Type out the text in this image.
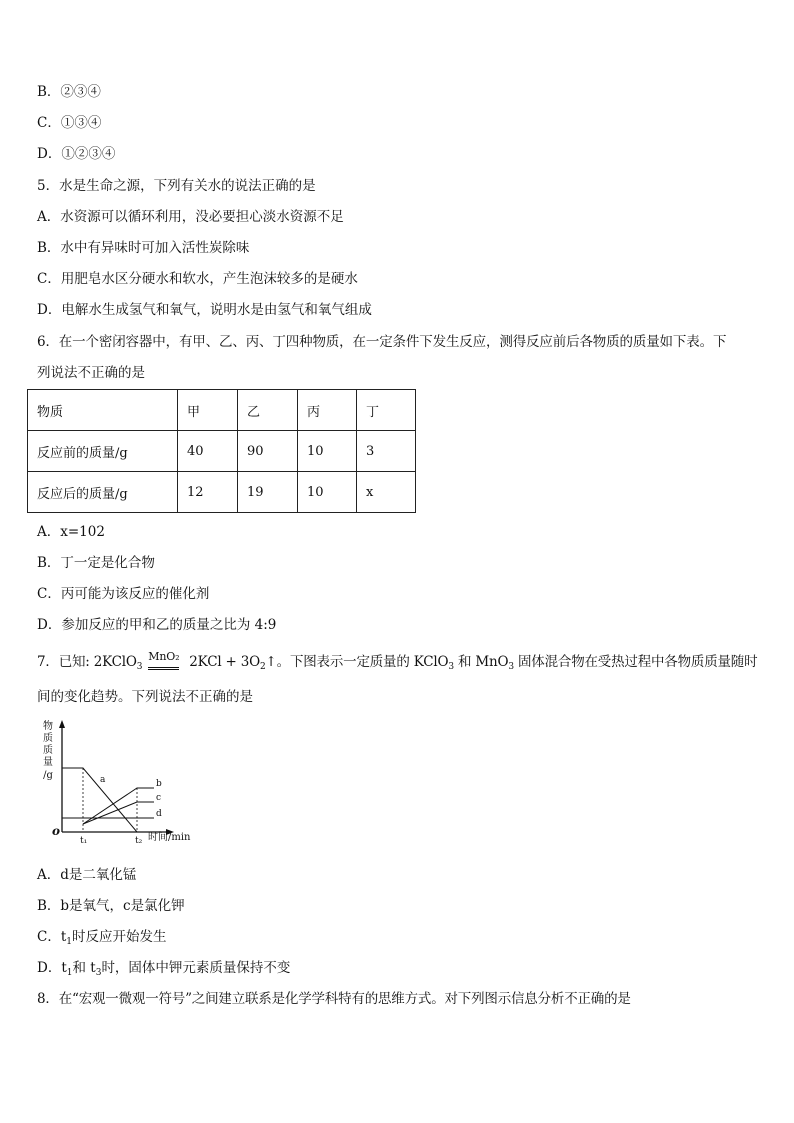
B．②③④
C．①③④
D．①②③④
5．水是生命之源，下列有关水的说法正确的是
A．水资源可以循环利用，没必要担心淡水资源不足
B．水中有异味时可加入活性炭除味
C．用肥皂水区分硬水和软水，产生泡沫较多的是硬水
D．电解水生成氢气和氧气，说明水是由氢气和氧气组成
6．在一个密闭容器中，有甲、乙、丙、丁四种物质，在一定条件下发生反应，测得反应前后各物质的质量如下表。下
列说法不正确的是
物质	甲	乙	丙	丁
反应前的质量/g	40	90	10	3
反应后的质量/g	12	19	10	x
A．x=102
B．丁一定是化合物
C．丙可能为该反应的催化剂
D．参加反应的甲和乙的质量之比为 4:9
7．已知: 2KClO$_3$MnO₂ $2KCl + 3O_2↑$。下图表示一定质量的 KClO$_3$ 和 MnO$_3$ 固体混合物在受热过程中各物质质量随时
间的变化趋势。下列说法不正确的是
物
质
质
量
/g
o
a	b
c
d
t₁	t₂ 时间/min
A．d是二氧化锰
B．b是氧气，c是氯化钾
C．$t_1$时反应开始发生
D．$t_1$和 $t_3$时，固体中钾元素质量保持不变
8．在“宏观一微观一符号”之间建立联系是化学学科特有的思维方式。对下列图示信息分析不正确的是
